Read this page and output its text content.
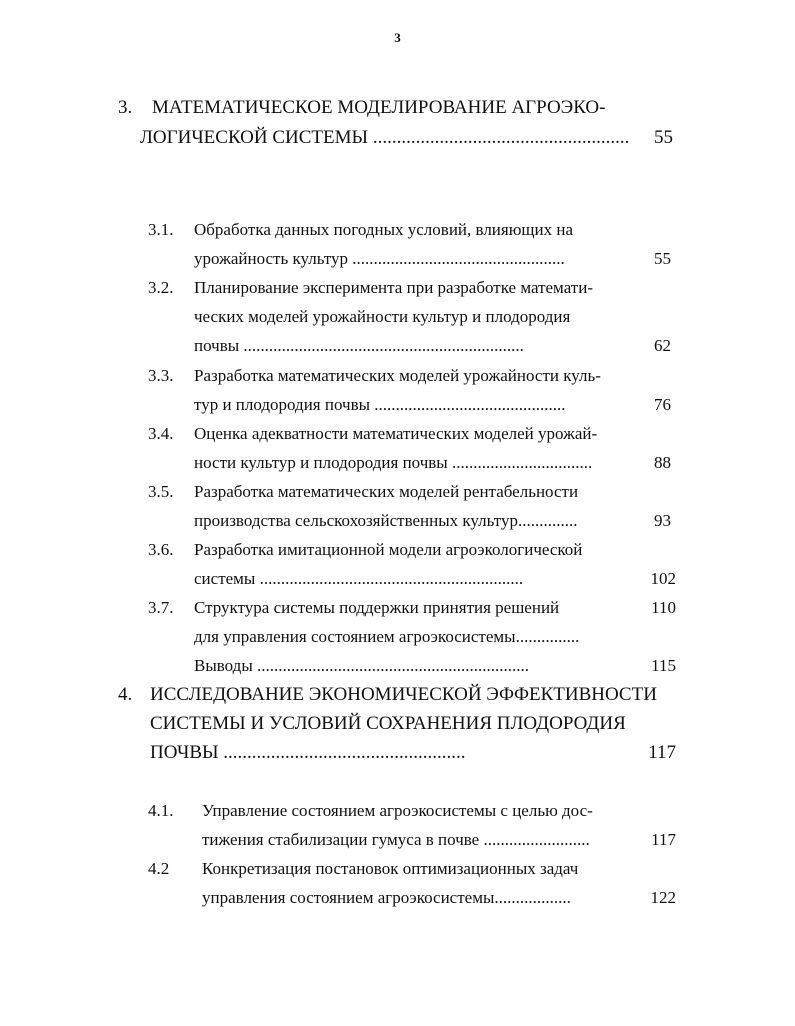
3
3. МАТЕМАТИЧЕСКОЕ МОДЕЛИРОВАНИЕ АГРОЭКО-
ЛОГИЧЕСКОЙ СИСТЕМЫ ......................................................	55
3.1. Обработка данных погодных условий, влияющих на
урожайность культур ..................................................	55
3.2. Планирование эксперимента при разработке математи-
ческих моделей урожайности культур и плодородия
почвы ..................................................................	62
3.3. Разработка математических моделей урожайности куль-
тур и плодородия почвы .............................................	76
3.4. Оценка адекватности математических моделей урожай-
ности культур и плодородия почвы .................................	88
3.5. Разработка математических моделей рентабельности
производства сельскохозяйственных культур..............	93
3.6. Разработка имитационной модели агроэкологической
системы ..............................................................	102
3.7. Структура системы поддержки принятия решений	110
для управления состоянием агроэкосистемы...............
Выводы ................................................................	115
4. ИССЛЕДОВАНИЕ ЭКОНОМИЧЕСКОЙ ЭФФЕКТИВНОСТИ
СИСТЕМЫ И УСЛОВИЙ СОХРАНЕНИЯ ПЛОДОРОДИЯ
ПОЧВЫ ...................................................	117
4.1. Управление состоянием агроэкосистемы с целью дос-
тижения стабилизации гумуса в почве .........................	117
4.2 Конкретизация постановок оптимизационных задач
управления состоянием агроэкосистемы..................	122
